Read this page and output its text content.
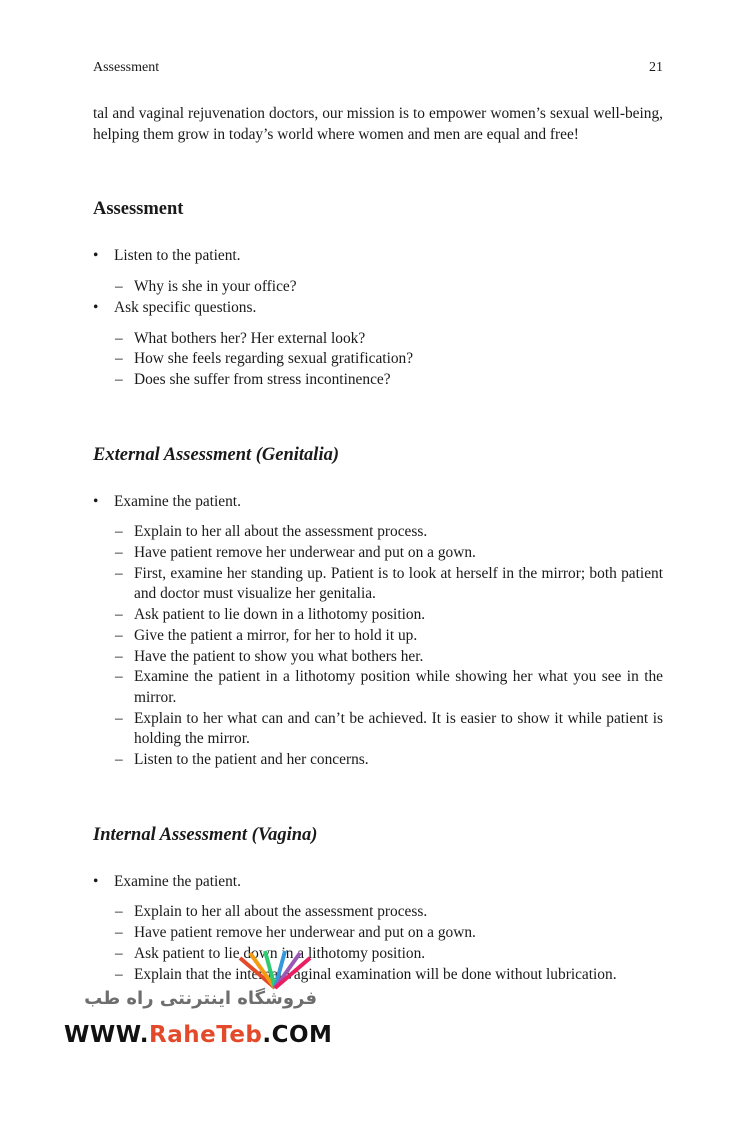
Assessment	21

tal and vaginal rejuvenation doctors, our mission is to empower women’s sexual well-being, helping them grow in today’s world where women and men are equal and free!

Assessment
• Listen to the patient.
– Why is she in your office?
• Ask specific questions.
– What bothers her? Her external look?
– How she feels regarding sexual gratification?
– Does she suffer from stress incontinence?
External Assessment (Genitalia)
• Examine the patient.
– Explain to her all about the assessment process.
– Have patient remove her underwear and put on a gown.
– First, examine her standing up. Patient is to look at herself in the mirror; both patient and doctor must visualize her genitalia.
– Ask patient to lie down in a lithotomy position.
– Give the patient a mirror, for her to hold it up.
– Have the patient to show you what bothers her.
– Examine the patient in a lithotomy position while showing her what you see in the mirror.
– Explain to her what can and can’t be achieved. It is easier to show it while patient is holding the mirror.
– Listen to the patient and her concerns.
Internal Assessment (Vagina)
• Examine the patient.
– Explain to her all about the assessment process.
– Have patient remove her underwear and put on a gown.
– Ask patient to lie down in a lithotomy position.
– Explain that the internal vaginal examination will be done without lubrication.
فروشگاه اینترنتی راه طب
WWW.RaheTeb.COM
